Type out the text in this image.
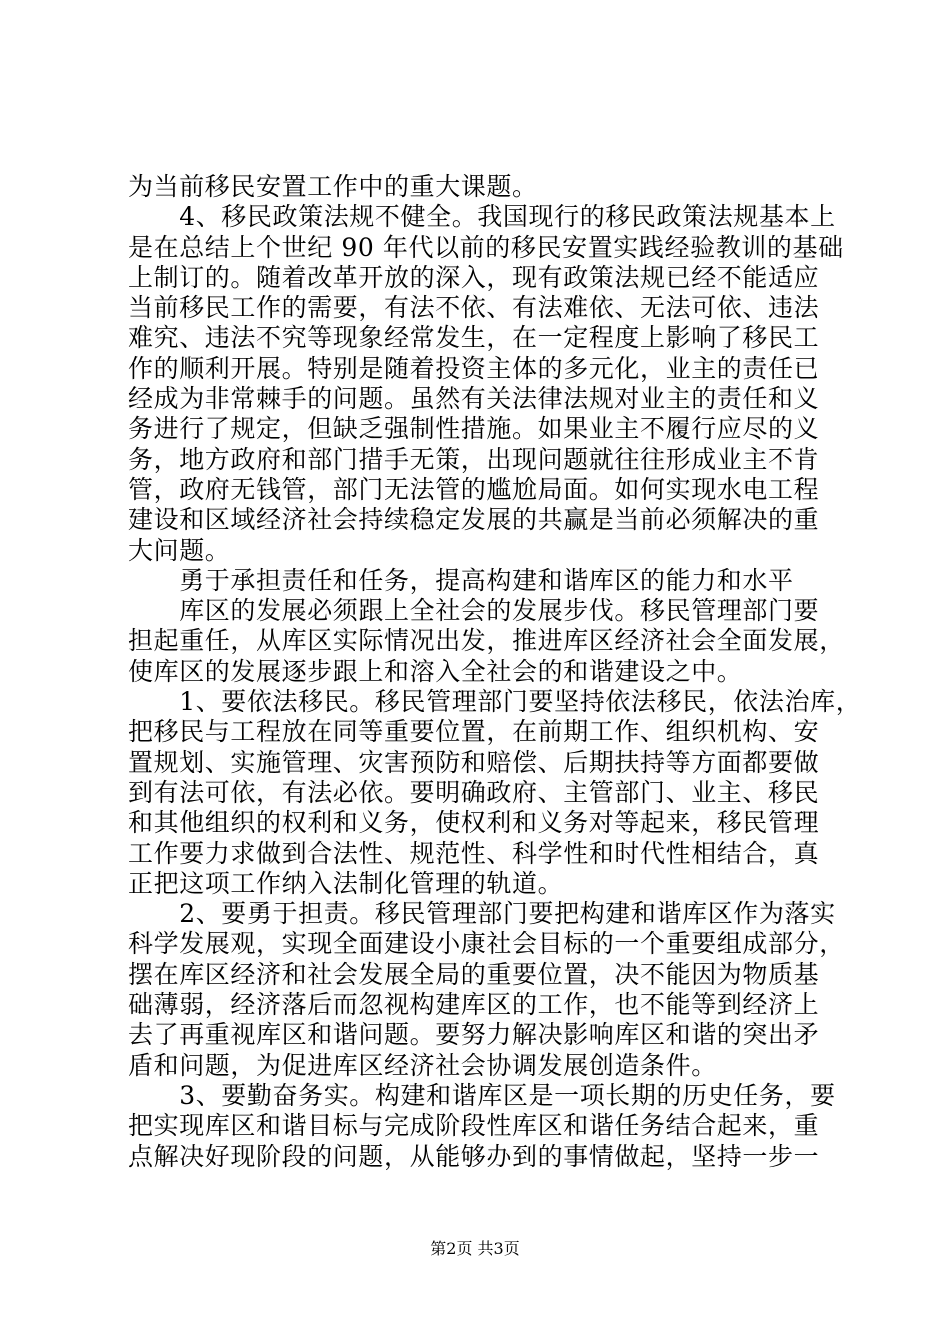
为当前移民安置工作中的重大课题。
　　4、移民政策法规不健全。我国现行的移民政策法规基本上
是在总结上个世纪 90 年代以前的移民安置实践经验教训的基础
上制订的。随着改革开放的深入，现有政策法规已经不能适应
当前移民工作的需要，有法不依、有法难依、无法可依、违法
难究、违法不究等现象经常发生，在一定程度上影响了移民工
作的顺利开展。特别是随着投资主体的多元化，业主的责任已
经成为非常棘手的问题。虽然有关法律法规对业主的责任和义
务进行了规定，但缺乏强制性措施。如果业主不履行应尽的义
务，地方政府和部门措手无策，出现问题就往往形成业主不肯
管，政府无钱管，部门无法管的尴尬局面。如何实现水电工程
建设和区域经济社会持续稳定发展的共赢是当前必须解决的重
大问题。
　　勇于承担责任和任务，提高构建和谐库区的能力和水平
　　库区的发展必须跟上全社会的发展步伐。移民管理部门要
担起重任，从库区实际情况出发，推进库区经济社会全面发展，
使库区的发展逐步跟上和溶入全社会的和谐建设之中。
　　1、要依法移民。移民管理部门要坚持依法移民，依法治库，
把移民与工程放在同等重要位置，在前期工作、组织机构、安
置规划、实施管理、灾害预防和赔偿、后期扶持等方面都要做
到有法可依，有法必依。要明确政府、主管部门、业主、移民
和其他组织的权利和义务，使权利和义务对等起来，移民管理
工作要力求做到合法性、规范性、科学性和时代性相结合，真
正把这项工作纳入法制化管理的轨道。
　　2、要勇于担责。移民管理部门要把构建和谐库区作为落实
科学发展观，实现全面建设小康社会目标的一个重要组成部分，
摆在库区经济和社会发展全局的重要位置，决不能因为物质基
础薄弱，经济落后而忽视构建库区的工作，也不能等到经济上
去了再重视库区和谐问题。要努力解决影响库区和谐的突出矛
盾和问题，为促进库区经济社会协调发展创造条件。
　　3、要勤奋务实。构建和谐库区是一项长期的历史任务，要
把实现库区和谐目标与完成阶段性库区和谐任务结合起来，重
点解决好现阶段的问题，从能够办到的事情做起，坚持一步一
第2页 共3页
